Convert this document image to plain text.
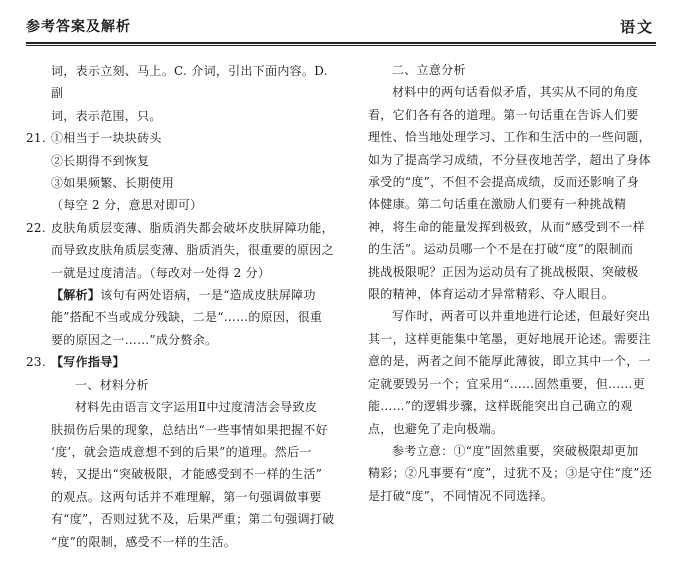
参考答案及解析	语文

词，表示立刻、马上。C. 介词，引出下面内容。D. 副

词，表示范围，只。

21. ①相当于一块块砖头

②长期得不到恢复

③如果频繁、长期使用

（每空 2 分，意思对即可）

22. 皮肤角质层变薄、脂质消失都会破坏皮肤屏障功能，

而导致皮肤角质层变薄、脂质消失，很重要的原因之

一就是过度清洁。（每改对一处得 2 分）

【解析】该句有两处语病，一是“造成皮肤屏障功

能”搭配不当或成分残缺，二是“……的原因，很重

要的原因之一……”成分赘余。

23. 【写作指导】

一、材料分析

材料先由语言文字运用Ⅱ中过度清洁会导致皮

肤损伤后果的现象，总结出“一些事情如果把握不好

‘度’，就会造成意想不到的后果”的道理。然后一

转，又提出“突破极限，才能感受到不一样的生活”

的观点。这两句话并不难理解，第一句强调做事要

有“度”，否则过犹不及，后果严重；第二句强调打破

“度”的限制，感受不一样的生活。

二、立意分析

材料中的两句话看似矛盾，其实从不同的角度

看，它们各有各的道理。第一句话重在告诉人们要

理性、恰当地处理学习、工作和生活中的一些问题，

如为了提高学习成绩，不分昼夜地苦学，超出了身体

承受的“度”，不但不会提高成绩，反而还影响了身

体健康。第二句话重在激励人们要有一种挑战精

神，将生命的能量发挥到极致，从而“感受到不一样

的生活”。运动员哪一个不是在打破“度”的限制而

挑战极限呢？正因为运动员有了挑战极限、突破极

限的精神，体育运动才异常精彩、夺人眼目。

写作时，两者可以并重地进行论述，但最好突出

其一，这样更能集中笔墨，更好地展开论述。需要注

意的是，两者之间不能厚此薄彼，即立其中一个，一

定就要毁另一个；宜采用“……固然重要，但……更

能……”的逻辑步骤，这样既能突出自己确立的观

点，也避免了走向极端。

参考立意：①“度”固然重要，突破极限却更加

精彩；②凡事要有“度”，过犹不及；③是守住“度”还

是打破“度”，不同情况不同选择。
